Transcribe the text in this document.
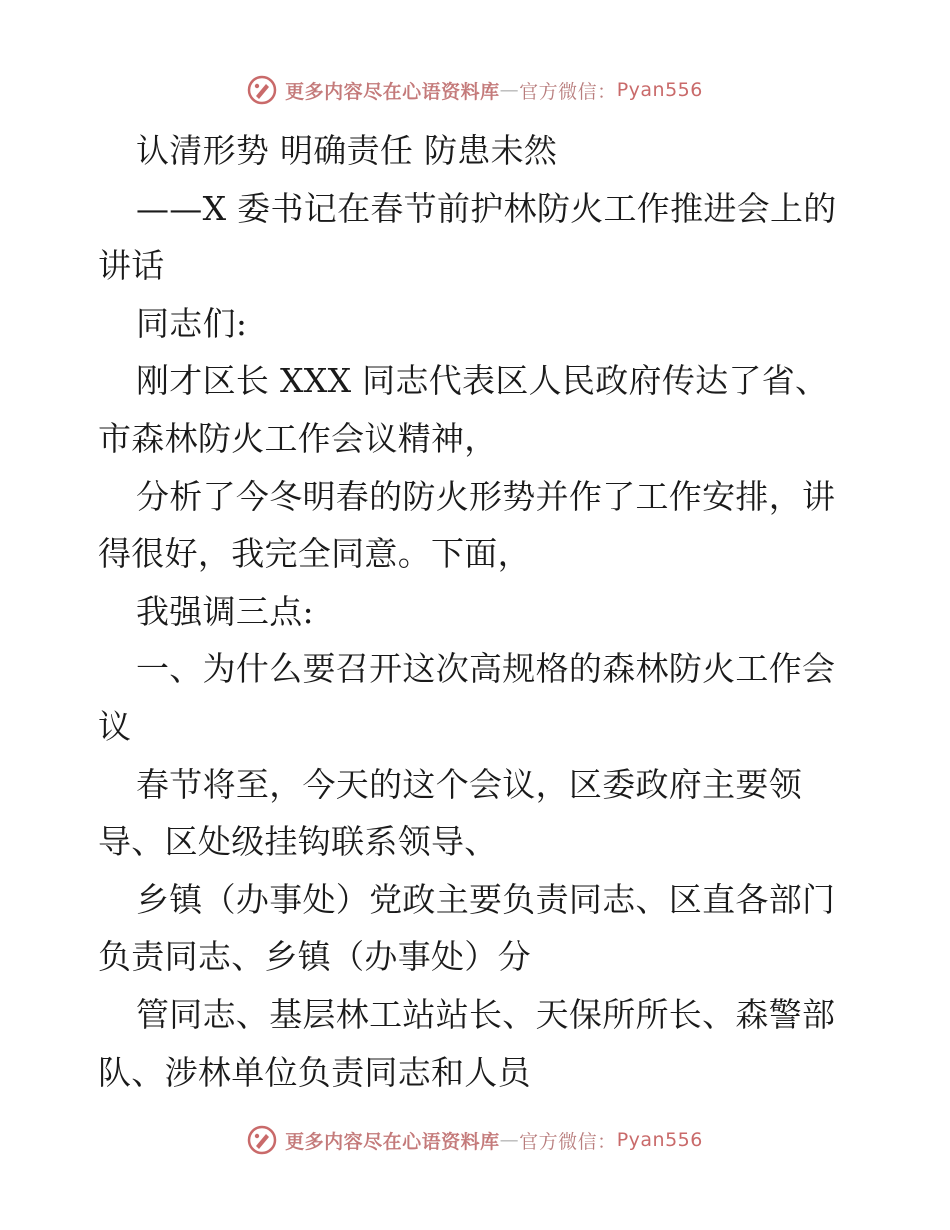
更多内容尽在心语资料库 — 官方微信： Pyan556
认清形势 明确责任 防患未然
——X 委书记在春节前护林防火工作推进会上的
讲话
同志们:
刚才区长 XXX 同志代表区人民政府传达了省、
市森林防火工作会议精神，
分析了今冬明春的防火形势并作了工作安排，讲
得很好，我完全同意。下面，
我强调三点:
一、为什么要召开这次高规格的森林防火工作会
议
春节将至，今天的这个会议，区委政府主要领
导、区处级挂钩联系领导、
乡镇（办事处）党政主要负责同志、区直各部门
负责同志、乡镇（办事处）分
管同志、基层林工站站长、天保所所长、森警部
队、涉林单位负责同志和人员
更多内容尽在心语资料库 — 官方微信： Pyan556
